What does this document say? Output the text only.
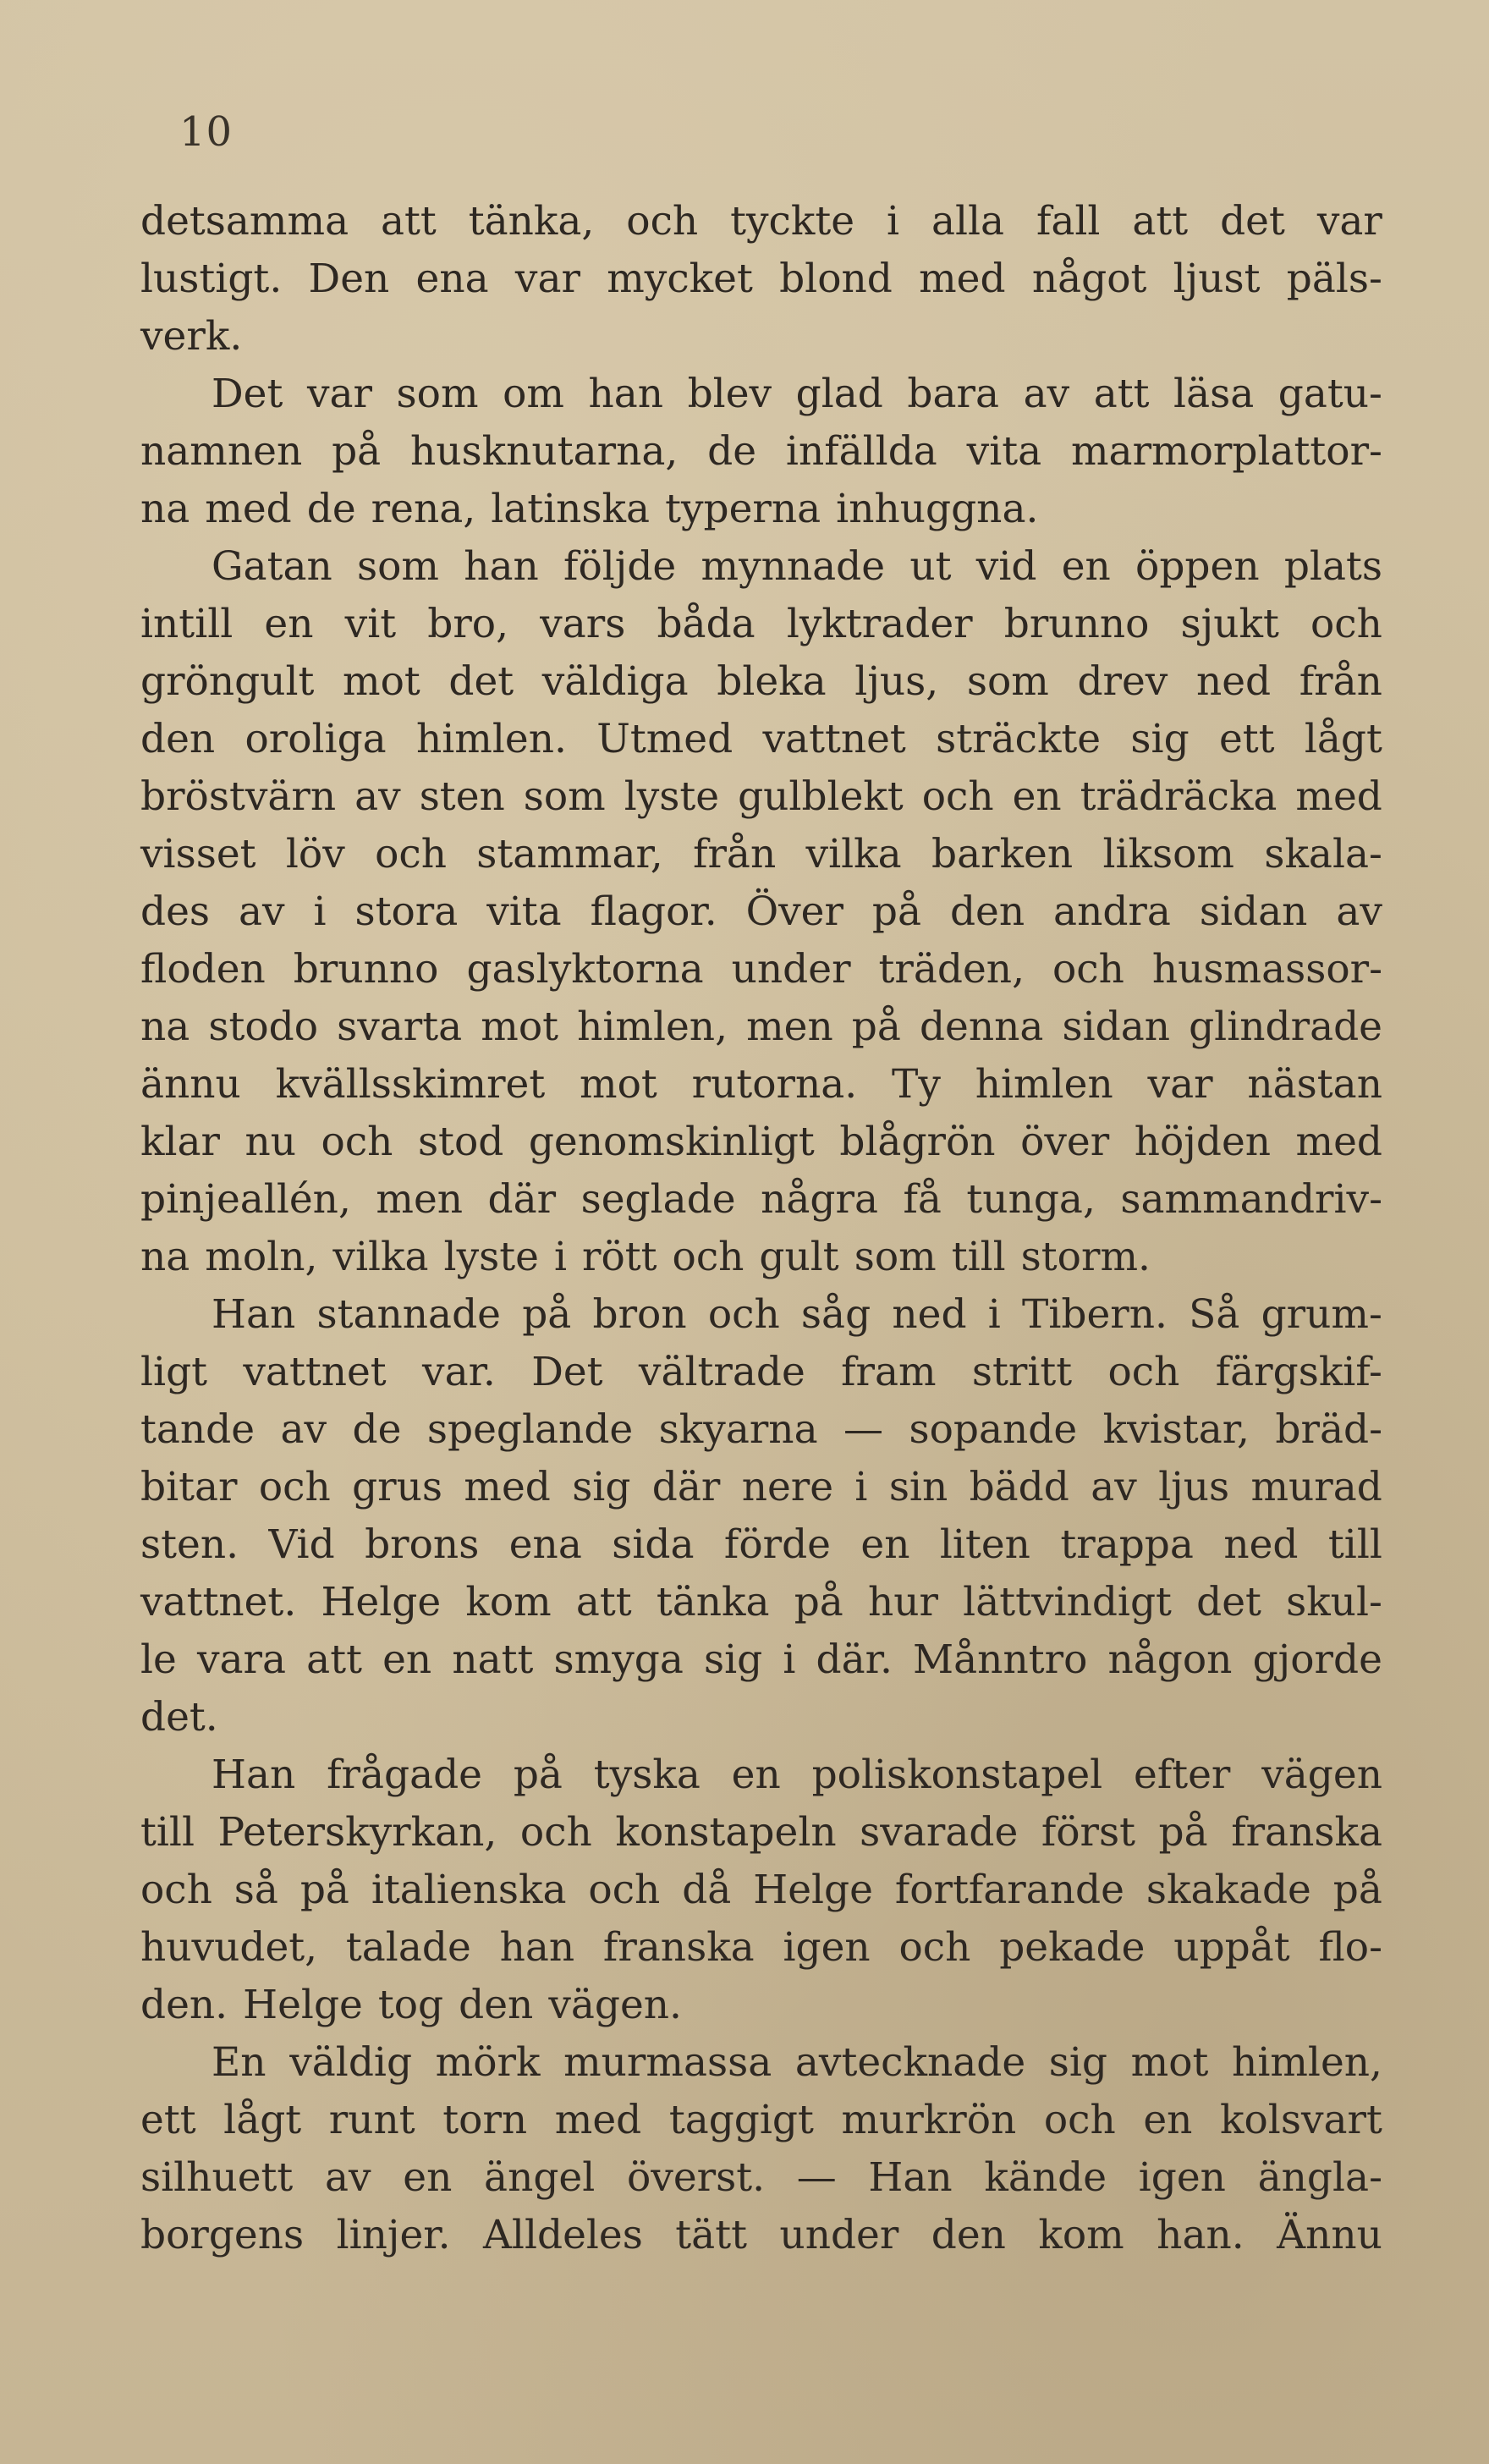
10
detsamma att tänka, och tyckte i alla fall att det var
lustigt. Den ena var mycket blond med något ljust päls-
verk.
Det var som om han blev glad bara av att läsa gatu-
namnen på husknutarna, de infällda vita marmorplattor-
na med de rena, latinska typerna inhuggna.
Gatan som han följde mynnade ut vid en öppen plats
intill en vit bro, vars båda lyktrader brunno sjukt och
gröngult mot det väldiga bleka ljus, som drev ned från
den oroliga himlen. Utmed vattnet sträckte sig ett lågt
bröstvärn av sten som lyste gulblekt och en trädräcka med
visset löv och stammar, från vilka barken liksom skala-
des av i stora vita flagor. Över på den andra sidan av
floden brunno gaslyktorna under träden, och husmassor-
na stodo svarta mot himlen, men på denna sidan glindrade
ännu kvällsskimret mot rutorna. Ty himlen var nästan
klar nu och stod genomskinligt blågrön över höjden med
pinjeallén, men där seglade några få tunga, sammandriv-
na moln, vilka lyste i rött och gult som till storm.
Han stannade på bron och såg ned i Tibern. Så grum-
ligt vattnet var. Det vältrade fram stritt och färgskif-
tande av de speglande skyarna — sopande kvistar, bräd-
bitar och grus med sig där nere i sin bädd av ljus murad
sten. Vid brons ena sida förde en liten trappa ned till
vattnet. Helge kom att tänka på hur lättvindigt det skul-
le vara att en natt smyga sig i där. Månntro någon gjorde
det.
Han frågade på tyska en poliskonstapel efter vägen
till Peterskyrkan, och konstapeln svarade först på franska
och så på italienska och då Helge fortfarande skakade på
huvudet, talade han franska igen och pekade uppåt flo-
den. Helge tog den vägen.
En väldig mörk murmassa avtecknade sig mot himlen,
ett lågt runt torn med taggigt murkrön och en kolsvart
silhuett av en ängel överst. — Han kände igen ängla-
borgens linjer. Alldeles tätt under den kom han. Ännu
